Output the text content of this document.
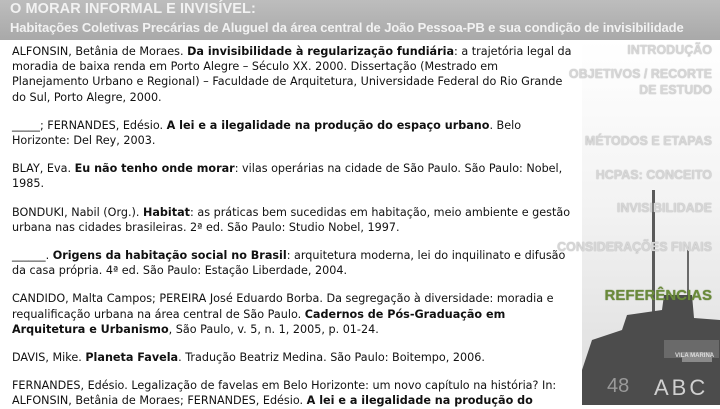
O MORAR INFORMAL E INVISÍVEL:
Habitações Coletivas Precárias de Aluguel da área central de João Pessoa-PB e sua condição de invisibilidade

ALFONSIN, Betânia de Moraes. Da invisibilidade à regularização fundiária: a trajetória legal da moradia de baixa renda em Porto Alegre – Século XX. 2000. Dissertação (Mestrado em Planejamento Urbano e Regional) – Faculdade de Arquitetura, Universidade Federal do Rio Grande do Sul, Porto Alegre, 2000.

_____; FERNANDES, Edésio. A lei e a ilegalidade na produção do espaço urbano. Belo Horizonte: Del Rey, 2003.

BLAY, Eva. Eu não tenho onde morar: vilas operárias na cidade de São Paulo. São Paulo: Nobel, 1985.

BONDUKI, Nabil (Org.). Habitat: as práticas bem sucedidas em habitação, meio ambiente e gestão urbana nas cidades brasileiras. 2ª ed. São Paulo: Studio Nobel, 1997.

______. Origens da habitação social no Brasil: arquitetura moderna, lei do inquilinato e difusão da casa própria. 4ª ed. São Paulo: Estação Liberdade, 2004.

CANDIDO, Malta Campos; PEREIRA José Eduardo Borba. Da segregação à diversidade: moradia e requalificação urbana na área central de São Paulo. Cadernos de Pós-Graduação em Arquitetura e Urbanismo, São Paulo, v. 5, n. 1, 2005, p. 01-24.

DAVIS, Mike. Planeta Favela. Tradução Beatriz Medina. São Paulo: Boitempo, 2006.

FERNANDES, Edésio. Legalização de favelas em Belo Horizonte: um novo capítulo na história? In: ALFONSIN, Betânia de Moraes; FERNANDES, Edésio. A lei e a ilegalidade na produção do

VILA MARINA
48 ABC
INTRODUÇÃO
OBJETIVOS / RECORTE
DE ESTUDO
MÉTODOS E ETAPAS
HCPAS: CONCEITO
INVISIBILIDADE
CONSIDERAÇÕES FINAIS
REFERÊNCIAS
